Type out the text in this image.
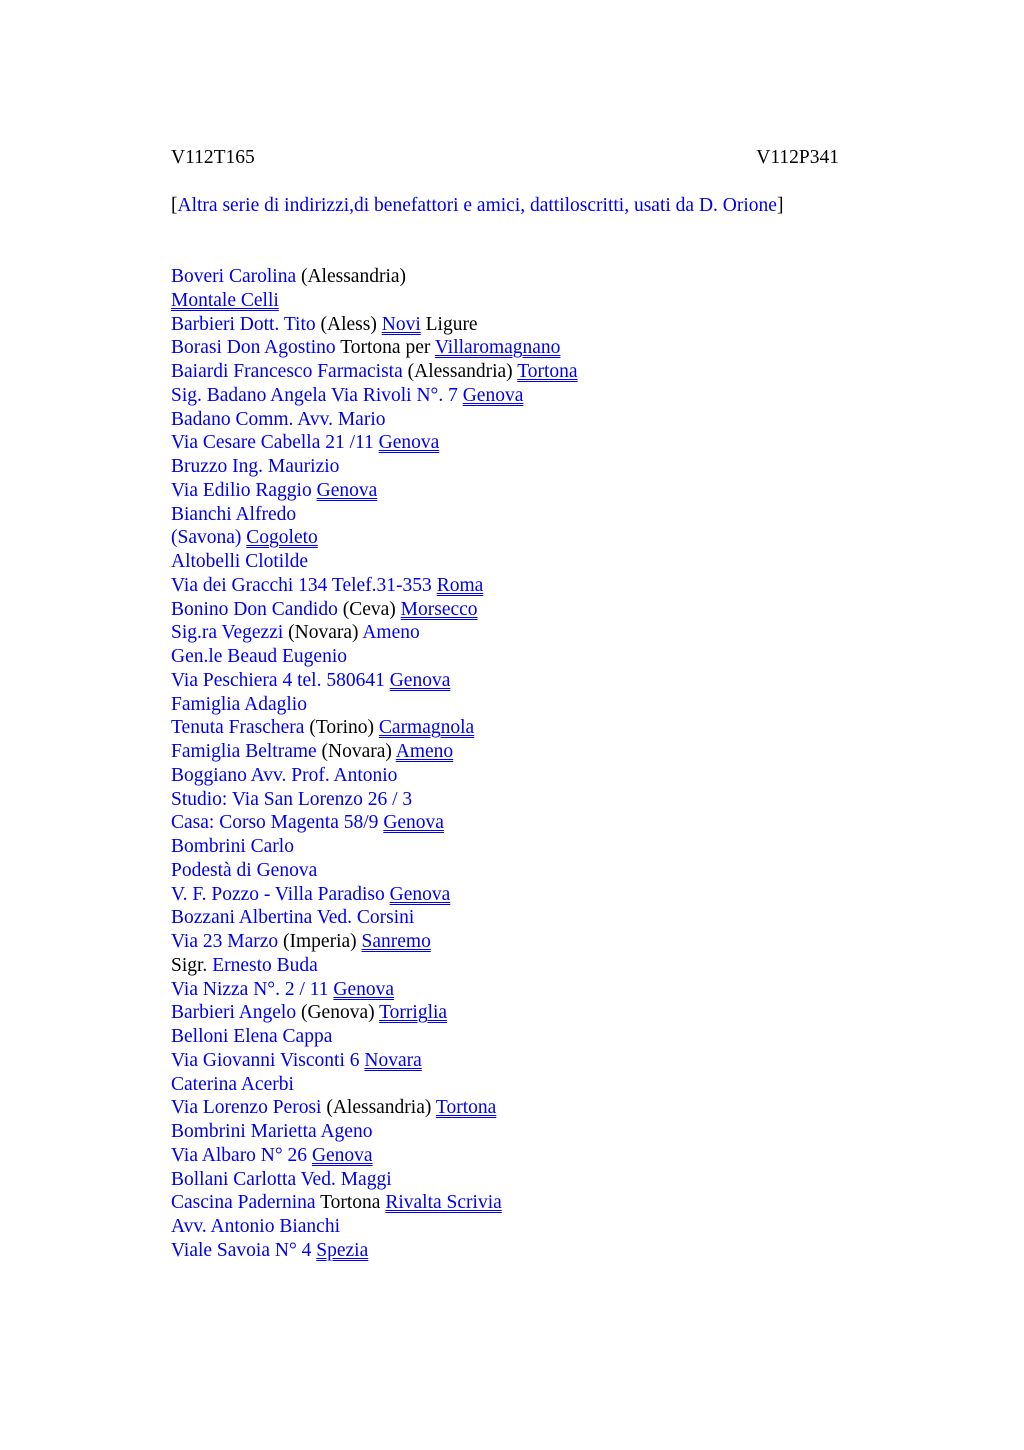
V112T165	V112P341
[Altra serie di indirizzi,di benefattori e amici, dattiloscritti, usati da D. Orione]
Boveri Carolina (Alessandria)
Montale Celli
Barbieri Dott. Tito (Aless) Novi Ligure
Borasi Don Agostino Tortona per Villaromagnano
Baiardi Francesco Farmacista (Alessandria) Tortona
Sig. Badano Angela Via Rivoli N°. 7 Genova
Badano Comm. Avv. Mario
Via Cesare Cabella 21 /11 Genova
Bruzzo Ing. Maurizio
Via Edilio Raggio Genova
Bianchi Alfredo
(Savona) Cogoleto
Altobelli Clotilde
Via dei Gracchi 134 Telef.31-353 Roma
Bonino Don Candido (Ceva) Morsecco
Sig.ra Vegezzi (Novara) Ameno
Gen.le Beaud Eugenio
Via Peschiera 4 tel. 580641 Genova
Famiglia Adaglio
Tenuta Fraschera (Torino) Carmagnola
Famiglia Beltrame (Novara) Ameno
Boggiano Avv. Prof. Antonio
Studio: Via San Lorenzo 26 / 3
Casa: Corso Magenta 58/9 Genova
Bombrini Carlo
Podestà di Genova
V. F. Pozzo - Villa Paradiso Genova
Bozzani Albertina Ved. Corsini
Via 23 Marzo (Imperia) Sanremo
Sigr. Ernesto Buda
Via Nizza N°. 2 / 11 Genova
Barbieri Angelo (Genova) Torriglia
Belloni Elena Cappa
Via Giovanni Visconti 6 Novara
Caterina Acerbi
Via Lorenzo Perosi (Alessandria) Tortona
Bombrini Marietta Ageno
Via Albaro N° 26 Genova
Bollani Carlotta Ved. Maggi
Cascina Padernina Tortona Rivalta Scrivia
Avv. Antonio Bianchi
Viale Savoia N° 4 Spezia
